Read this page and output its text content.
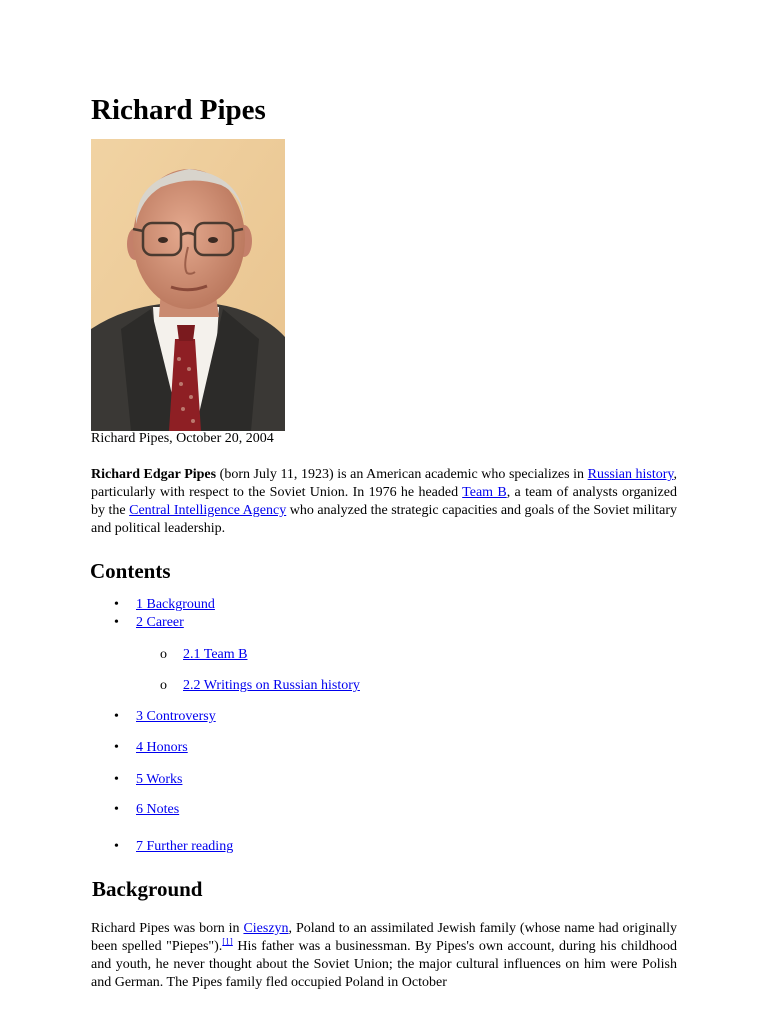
Richard Pipes
Richard Pipes, October 20, 2004

Richard Edgar Pipes (born July 11, 1923) is an American academic who specializes in Russian history, particularly with respect to the Soviet Union. In 1976 he headed Team B, a team of analysts organized by the Central Intelligence Agency who analyzed the strategic capacities and goals of the Soviet military and political leadership.

Contents
• 1 Background
• 2 Career
o 2.1 Team B
o 2.2 Writings on Russian history
• 3 Controversy
• 4 Honors
• 5 Works
• 6 Notes
• 7 Further reading
Background

Richard Pipes was born in Cieszyn, Poland to an assimilated Jewish family (whose name had originally been spelled "Piepes").[1] His father was a businessman. By Pipes's own account, during his childhood and youth, he never thought about the Soviet Union; the major cultural influences on him were Polish and German. The Pipes family fled occupied Poland in October
